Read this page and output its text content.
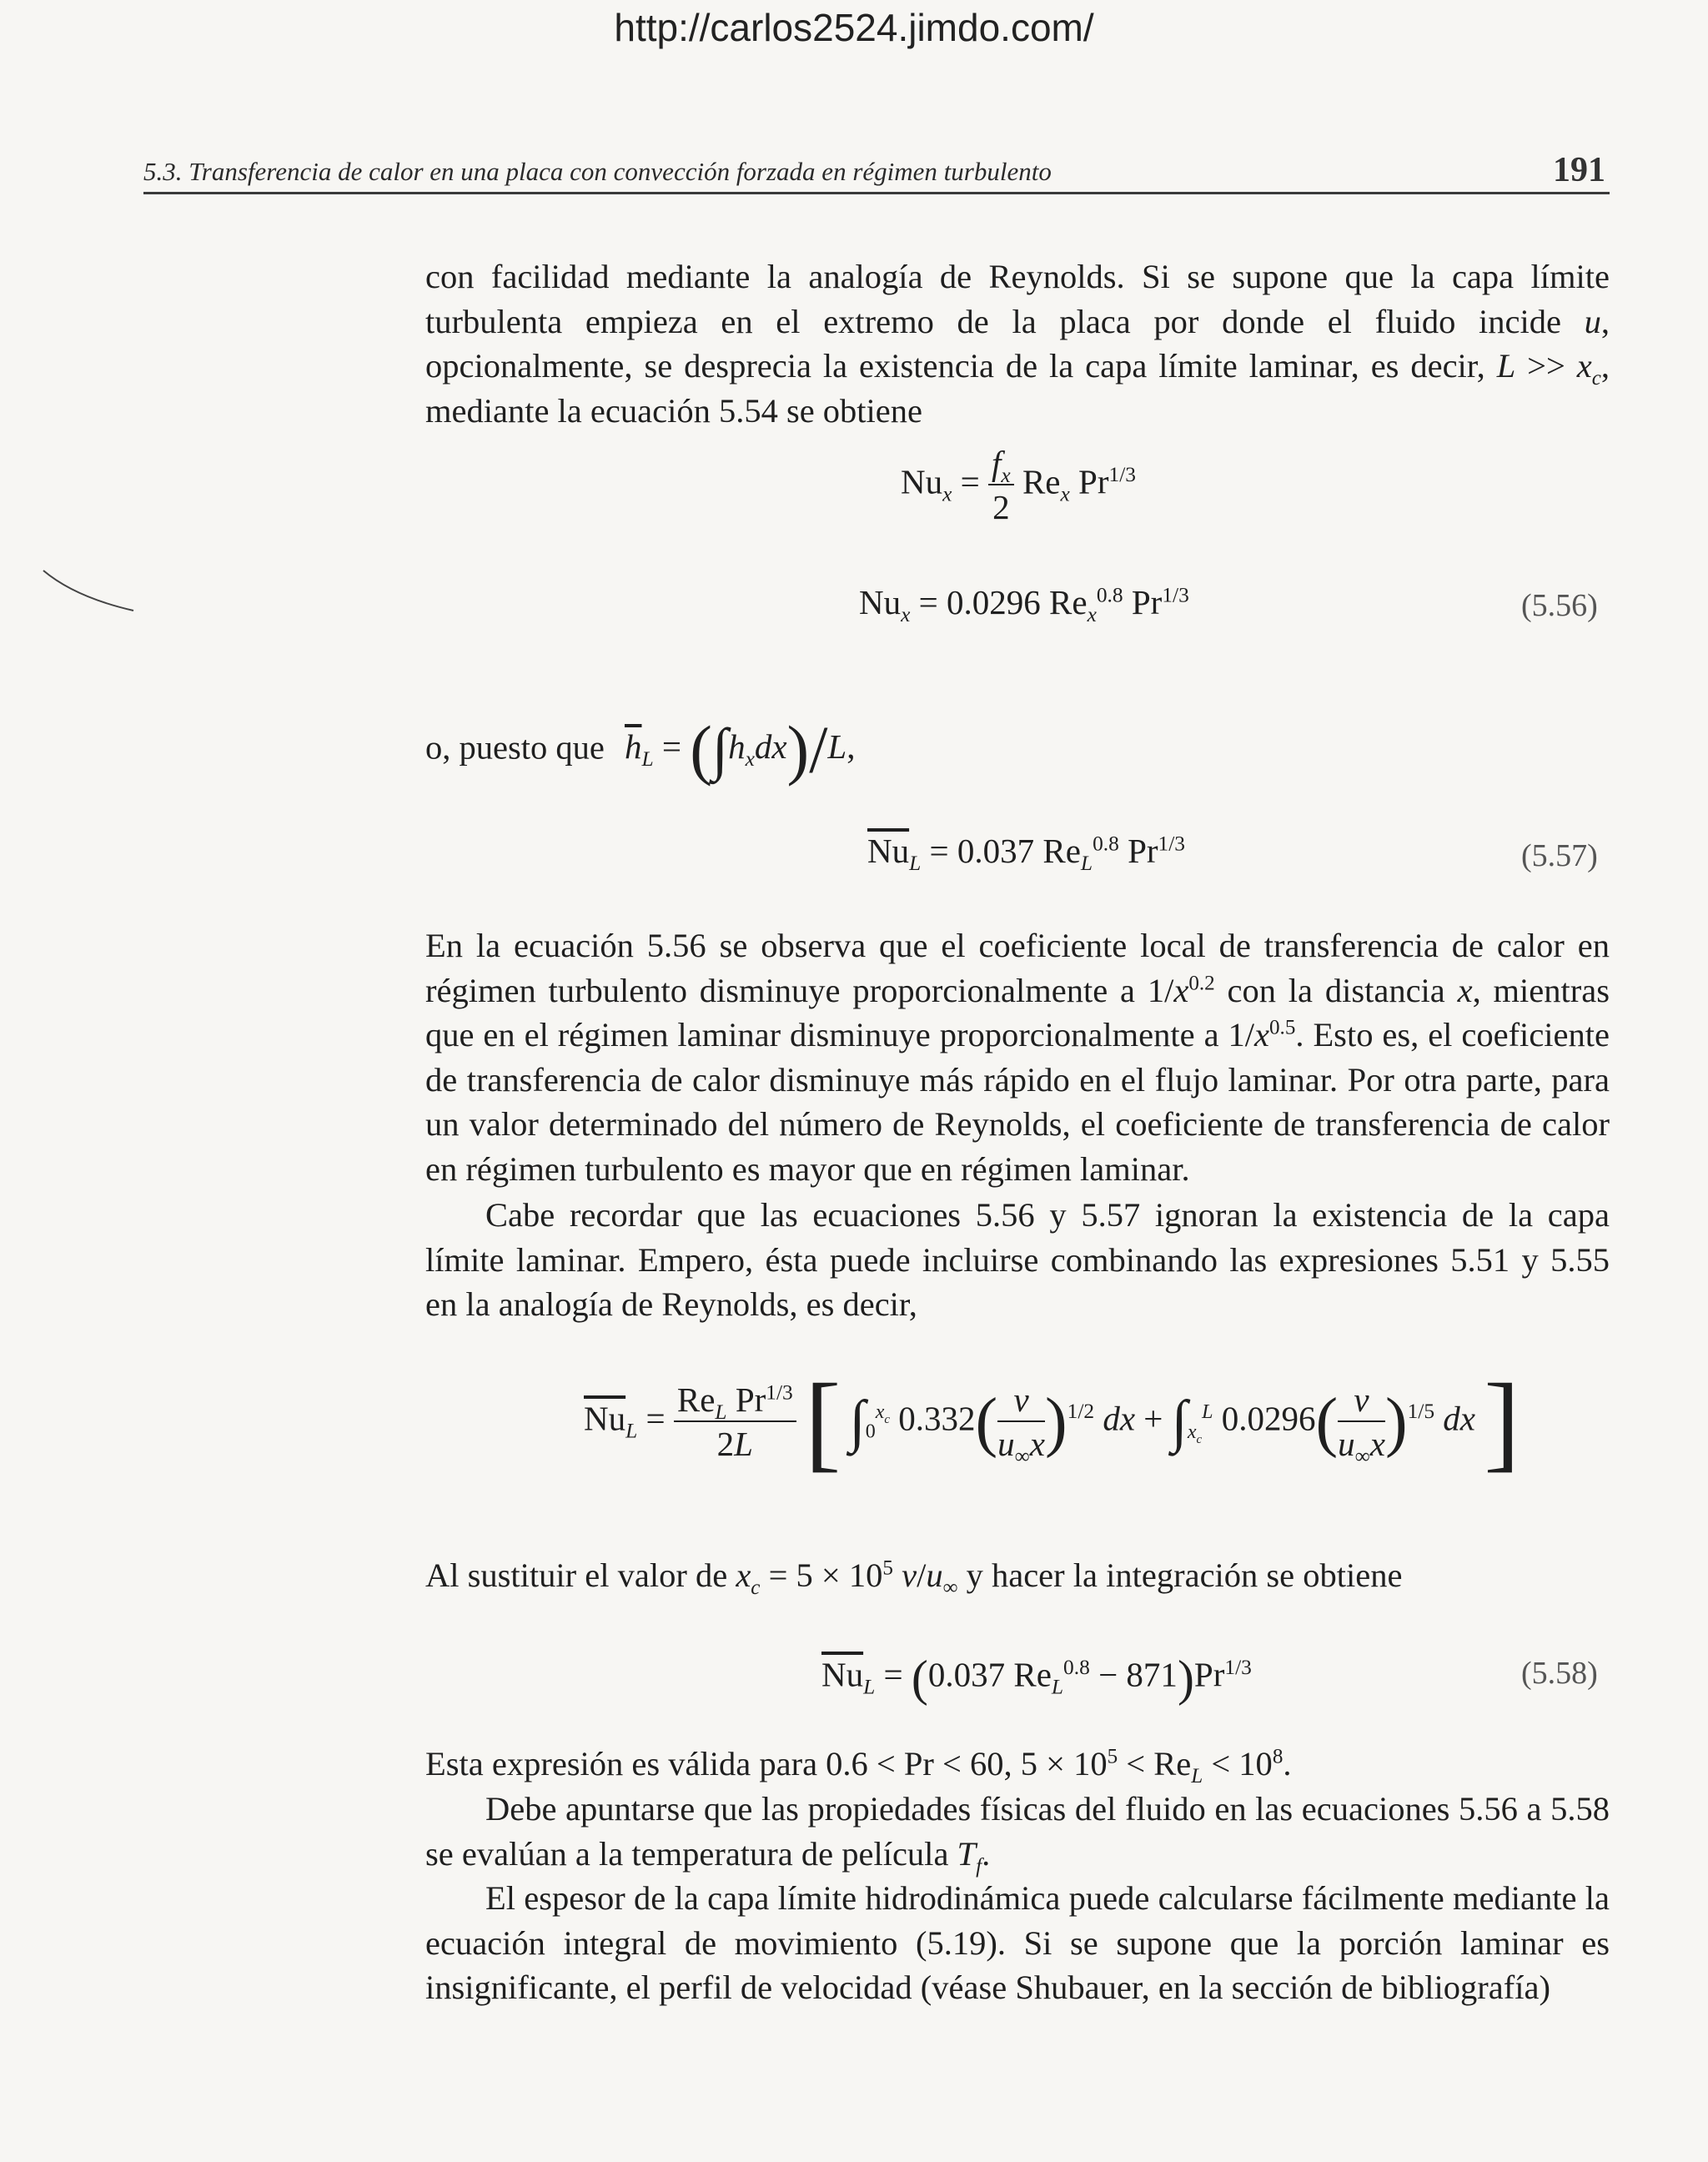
http://carlos2524.jimdo.com/
5.3. Transferencia de calor en una placa con convección forzada en régimen turbulento	191

con facilidad mediante la analogía de Reynolds. Si se supone que la capa límite turbulenta empieza en el extremo de la placa por donde el fluido incide u, opcionalmente, se desprecia la existencia de la capa límite laminar, es decir, $L >> x_c$, mediante la ecuación 5.54 se obtiene

$Nu_x = \frac{f_x}{2} Re_x$ $Pr^{1/3}$
$Nu_x = 0.0296$ $Re_x^{0.8}$ $Pr^{1/3}$	(5.56)
o, puesto que $\overline{h}_L = (\int h_xdx)/L$,
$\overline{Nu}_L = 0.037$ $Re_L^{0.8}$ $Pr^{1/3}$	(5.57)

En la ecuación 5.56 se observa que el coeficiente local de transferencia de calor en régimen turbulento disminuye proporcionalmente a $1/x^{0.2}$ con la distancia x, mientras que en el régimen laminar disminuye proporcionalmente a $1/x^{0.5}$. Esto es, el coeficiente de transferencia de calor disminuye más rápido en el flujo laminar. Por otra parte, para un valor determinado del número de Reynolds, el coeficiente de transferencia de calor en régimen turbulento es mayor que en régimen laminar.

Cabe recordar que las ecuaciones 5.56 y 5.57 ignoran la existencia de la capa límite laminar. Empero, ésta puede incluirse combinando las expresiones 5.51 y 5.55 en la analogía de Reynolds, es decir,

$\overline{Nu}_L = \frac{Re_L Pr^{1/3}}{2L}$ [ $\int_0^{x_c}$ $0.332( \frac{\nu}{u_\infty x} )^{1/2}$ dx + $\int_{x_c}^L$ $0.0296( \frac{\nu}{u_\infty x} )^{1/5}$ dx ]

Al sustituir el valor de $x_c = 5 \times 10^5$ $\nu/u_\infty$ y hacer la integración se obtiene

$\overline{Nu}_L = (0.037$ $Re_L^{0.8} - 871)Pr^{1/3}$	(5.58)

Esta expresión es válida para 0.6 < Pr < 60, $5 \times 10^5 < Re_L < 10^8$.

Debe apuntarse que las propiedades físicas del fluido en las ecuaciones 5.56 a 5.58 se evalúan a la temperatura de película $T_f$.

El espesor de la capa límite hidrodinámica puede calcularse fácilmente mediante la ecuación integral de movimiento (5.19). Si se supone que la porción laminar es insignificante, el perfil de velocidad (véase Shubauer, en la sección de bibliografía)
